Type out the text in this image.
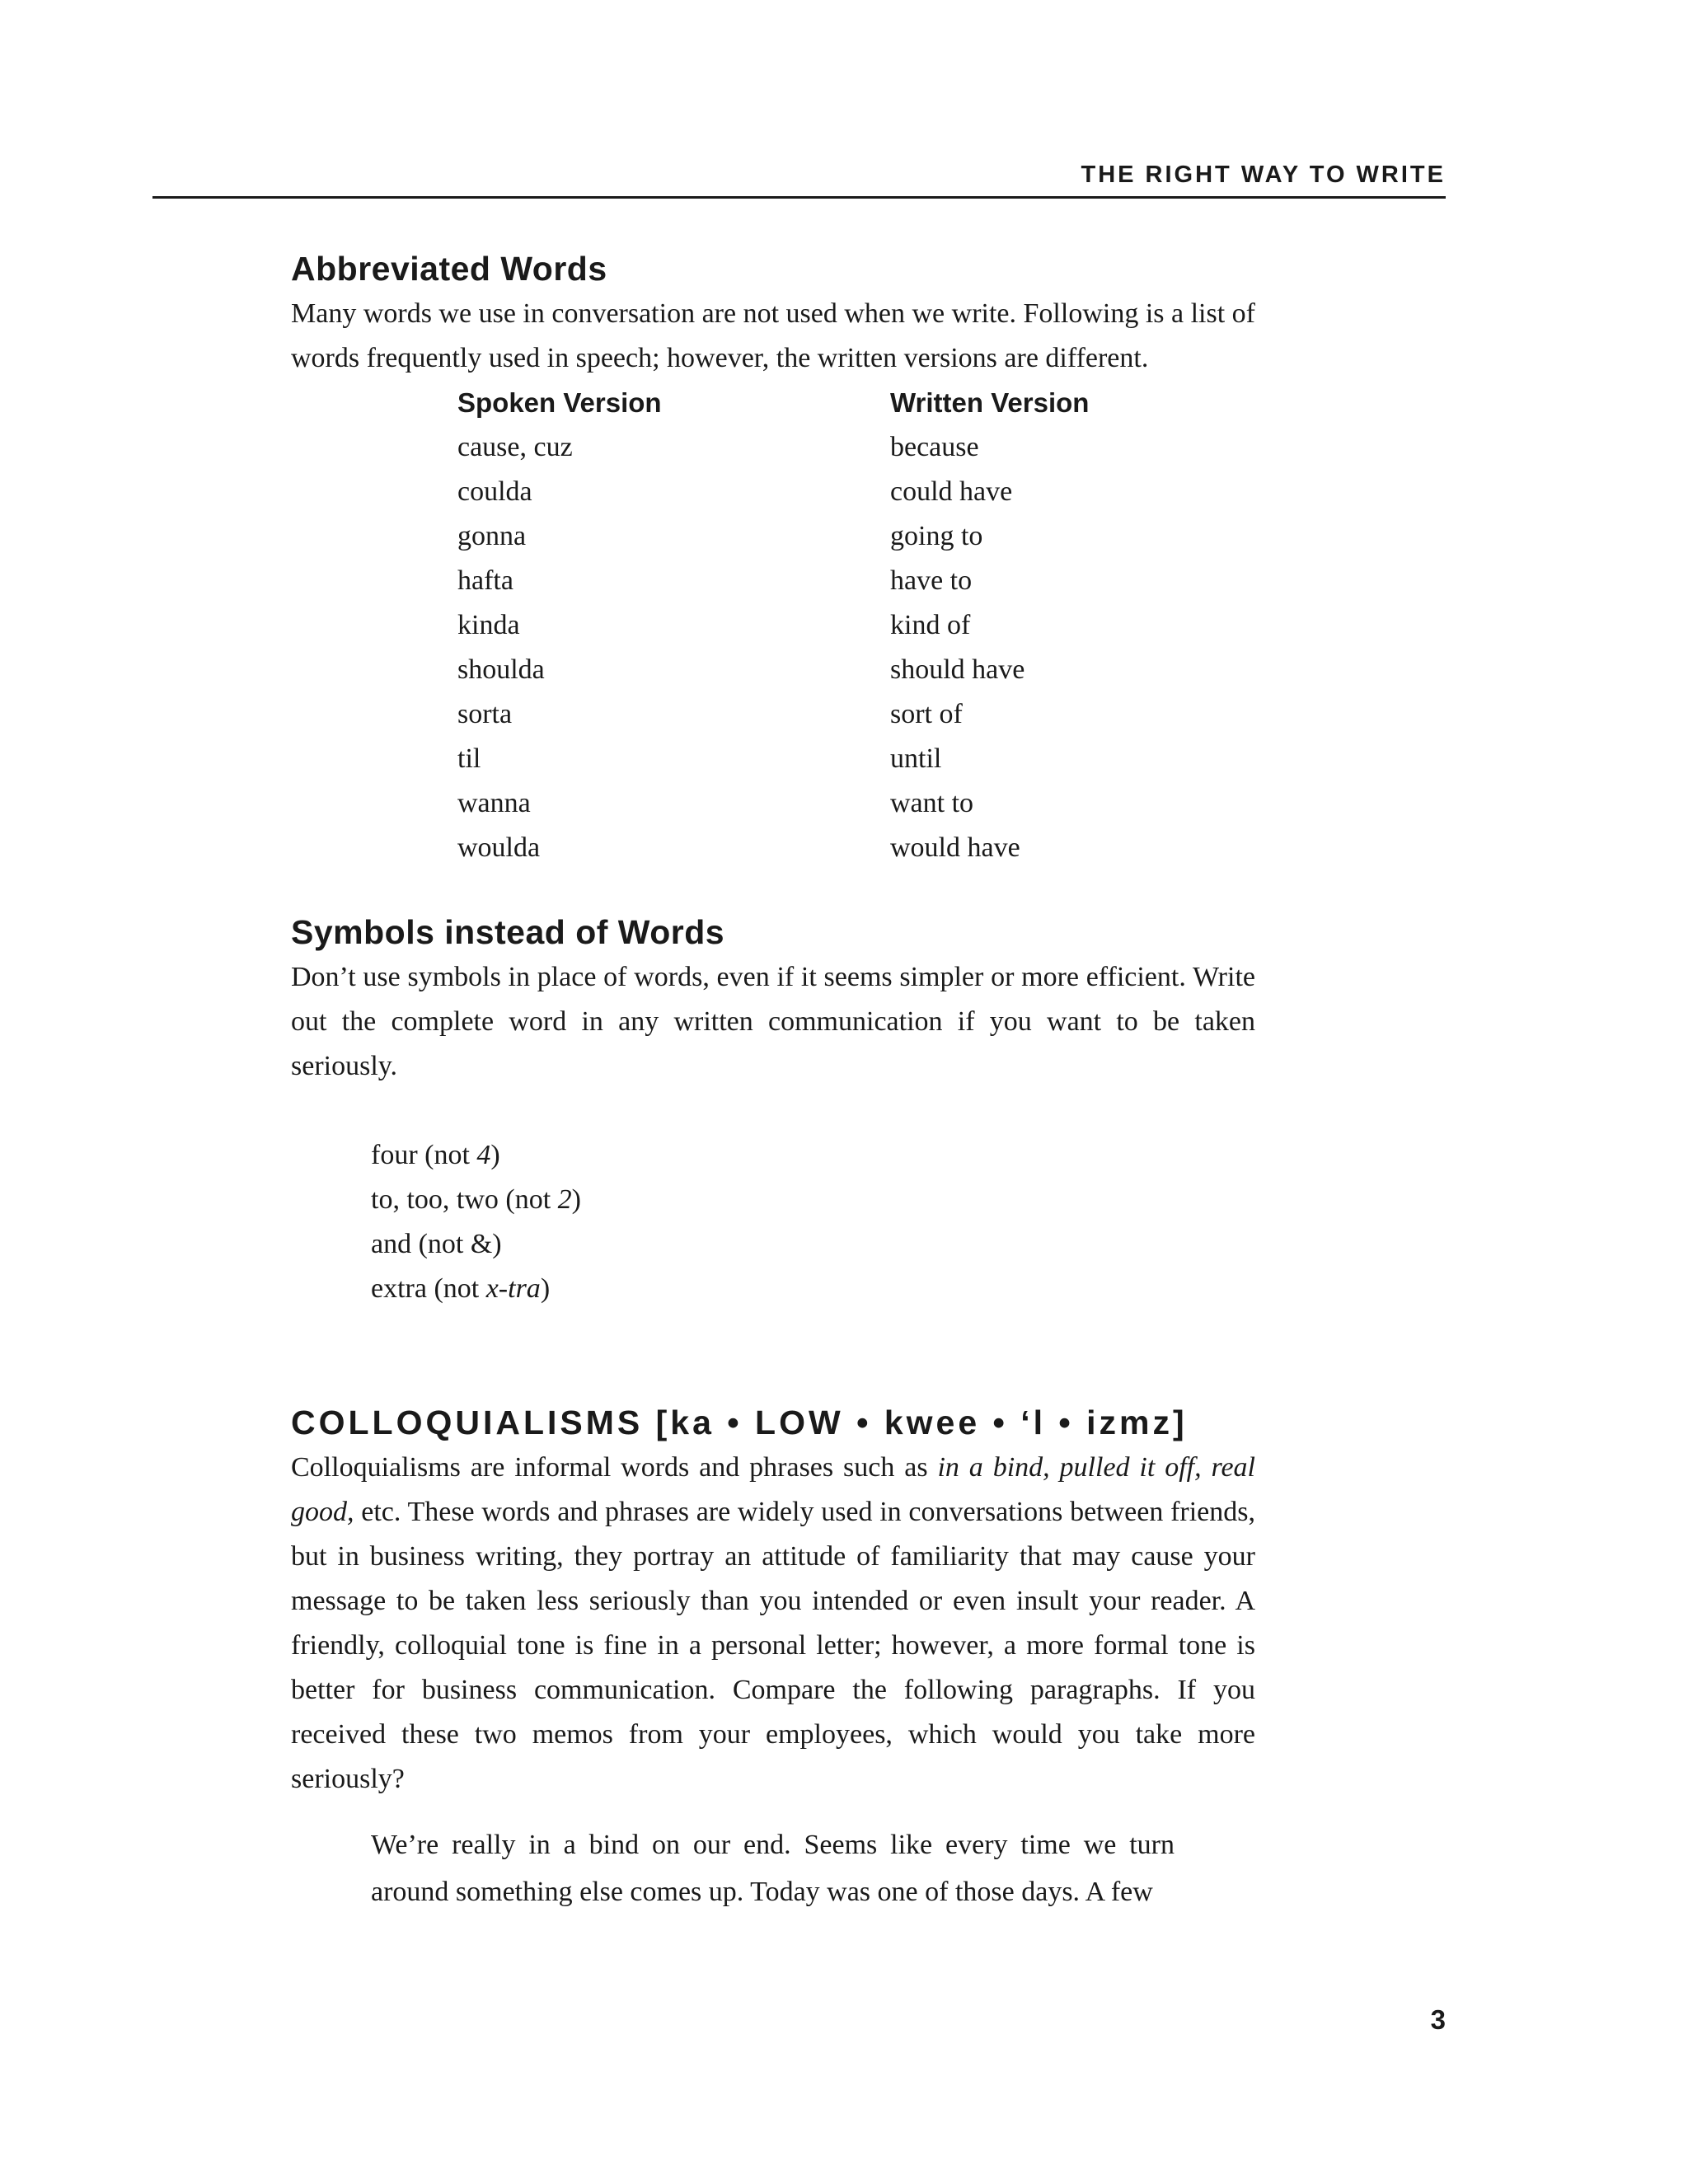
THE RIGHT WAY TO WRITE
Abbreviated Words

Many words we use in conversation are not used when we write. Following is a list of words frequently used in speech; however, the written versions are different.

Spoken Version	Written Version
cause, cuz	because
coulda	could have
gonna	going to
hafta	have to
kinda	kind of
shoulda	should have
sorta	sort of
til	until
wanna	want to
woulda	would have
Symbols instead of Words

Don’t use symbols in place of words, even if it seems simpler or more efficient. Write out the complete word in any written communication if you want to be taken seriously.

four (not 4)
to, too, two (not 2)
and (not &)
extra (not x-tra)
COLLOQUIALISMS [ka • LOW • kwee • ‘l • izmz]

Colloquialisms are informal words and phrases such as in a bind, pulled it off, real good, etc. These words and phrases are widely used in conversations between friends, but in business writing, they portray an attitude of familiarity that may cause your message to be taken less seriously than you intended or even insult your reader. A friendly, colloquial tone is fine in a personal letter; however, a more formal tone is better for business communication. Compare the following paragraphs. If you received these two memos from your employees, which would you take more seriously?

We’re really in a bind on our end. Seems like every time we turn around something else comes up. Today was one of those days. A few
3
